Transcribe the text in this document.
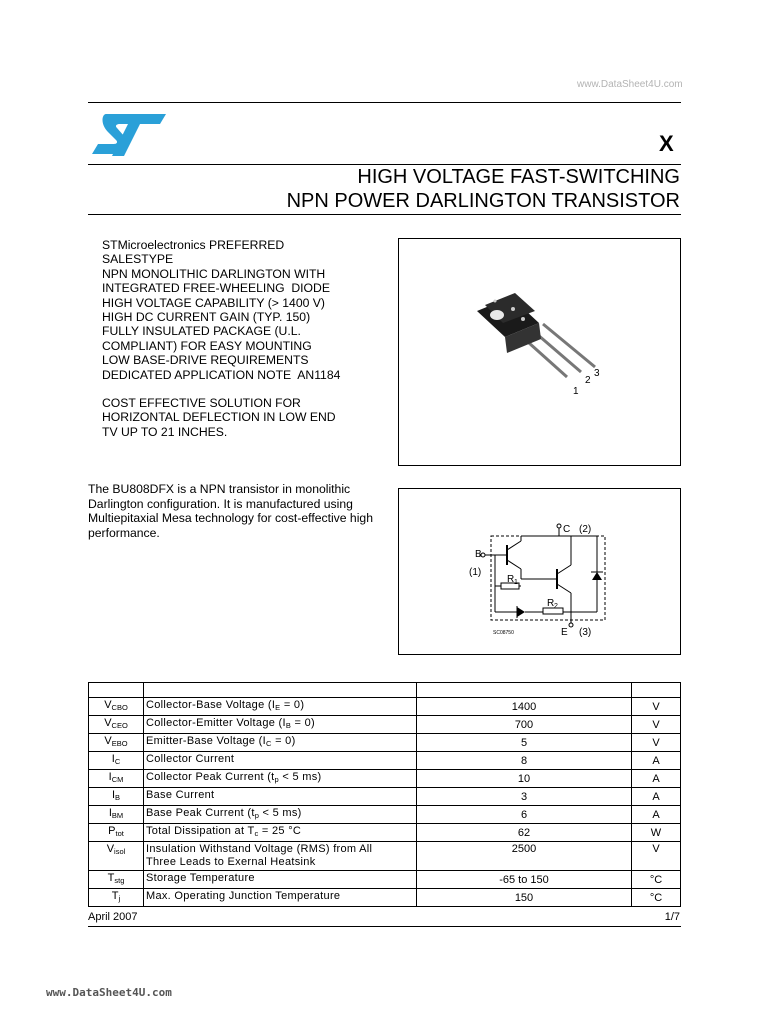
www.DataSheet4U.com
X
HIGH VOLTAGE FAST-SWITCHING
NPN POWER DARLINGTON TRANSISTOR
STMicroelectronics PREFERRED
SALESTYPE
NPN MONOLITHIC DARLINGTON WITH
INTEGRATED FREE-WHEELING  DIODE
HIGH VOLTAGE CAPABILITY (> 1400 V)
HIGH DC CURRENT GAIN (TYP. 150)
FULLY INSULATED PACKAGE (U.L.
COMPLIANT) FOR EASY MOUNTING
LOW BASE-DRIVE REQUIREMENTS
DEDICATED APPLICATION NOTE  AN1184
COST EFFECTIVE SOLUTION FOR
HORIZONTAL DEFLECTION IN LOW END
TV UP TO 21 INCHES.
1
2
3
The BU808DFX is a NPN transistor in monolithic Darlington configuration. It is manufactured using Multiepitaxial Mesa technology for cost-effective high performance.	C (2)
B
(1)
R 1
R 2
E (3)
SC08750

$V_{CBO}$	Collector-Base Voltage $(I_E = 0)$	1400	V
$V_{CEO}$	Collector-Emitter Voltage $(I_B = 0)$	700	V
$V_{EBO}$	Emitter-Base Voltage $(I_C = 0)$	5	V
$I_C$	Collector Current	8	A
$I_{CM}$	Collector Peak Current ($t_p < 5$ ms)	10	A
$I_B$	Base Current	3	A
$I_{BM}$	Base Peak Current ($t_p < 5$ ms)	6	A
$P_{tot}$	Total Dissipation at $T_c = 25$ °C	62	W
$V_{isol}$	Insulation Withstand Voltage (RMS) from All
Three Leads to Exernal Heatsink	2500	V
$T_{stg}$	Storage Temperature	-65 to 150	°C
$T_j$	Max. Operating Junction Temperature	150	°C
April 2007	1/7
www.DataSheet4U.com
